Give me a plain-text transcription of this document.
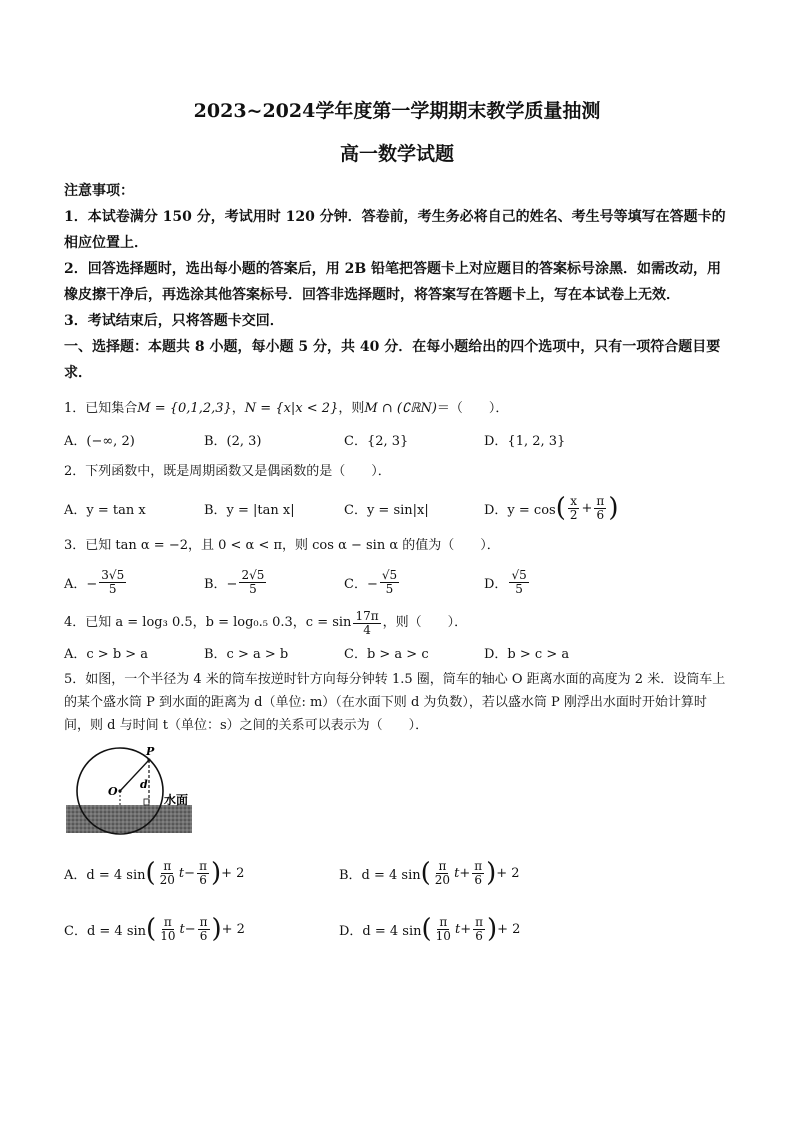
2023~2024学年度第一学期期末教学质量抽测
高一数学试题
注意事项：

1．本试卷满分 150 分，考试用时 120 分钟．答卷前，考生务必将自己的姓名、考生号等填写在答题卡的相应位置上．

2．回答选择题时，选出每小题的答案后，用 2B 铅笔把答题卡上对应题目的答案标号涂黑．如需改动，用橡皮擦干净后，再选涂其他答案标号．回答非选择题时，将答案写在答题卡上，写在本试卷上无效．

3．考试结束后，只将答题卡交回．

一、选择题：本题共 8 小题，每小题 5 分，共 40 分．在每小题给出的四个选项中，只有一项符合题目要求．

1．已知集合 M = {0,1,2,3} ， N = {x|x < 2} ，则 M ∩ (∁ℝN) ＝（　　）．
A．(−∞, 2)	B．(2, 3)	C．{2, 3}	D．{1, 2, 3}
2．下列函数中，既是周期函数又是偶函数的是（　　）．
A．y = tan x	B．y = |tan x|	C．y = sin|x|	D．y = cos ( $\frac{x}{2} + \frac{\pi}{6}$ )
3．已知 tan α = −2，且 0 < α < π，则 cos α − sin α 的值为（　　）．
A．− $\frac{3√5}{5}$	B．− $\frac{2√5}{5}$	C．− $\frac{√5}{5}$	D． $\frac{√5}{5}$
4．已知 a = log₃ 0.5，b = log₀.₅ 0.3，$c = \sin \frac{17\pi}{4}$ ，则（　　）．
A．c > b > a	B．c > a > b	C．b > a > c	D．b > c > a

5．如图，一个半径为 4 米的筒车按逆时针方向每分钟转 1.5 圈，筒车的轴心 O 距离水面的高度为 2 米．设筒车上的某个盛水筒 P 到水面的距离为 d（单位: m）（在水面下则 d 为负数），若以盛水筒 P 刚浮出水面时开始计算时间，则 d 与时间 t（单位：s）之间的关系可以表示为（　　）．

P
O
d
水面
A．d = 4 sin ( $\frac{\pi}{20}$ $t - \frac{\pi}{6}$ ) + 2	B．d = 4 sin ( $\frac{\pi}{20}$ $t + \frac{\pi}{6}$ ) + 2
C．d = 4 sin ( $\frac{\pi}{10}$ $t - \frac{\pi}{6}$ ) + 2	D．d = 4 sin ( $\frac{\pi}{10}$ $t + \frac{\pi}{6}$ ) + 2
